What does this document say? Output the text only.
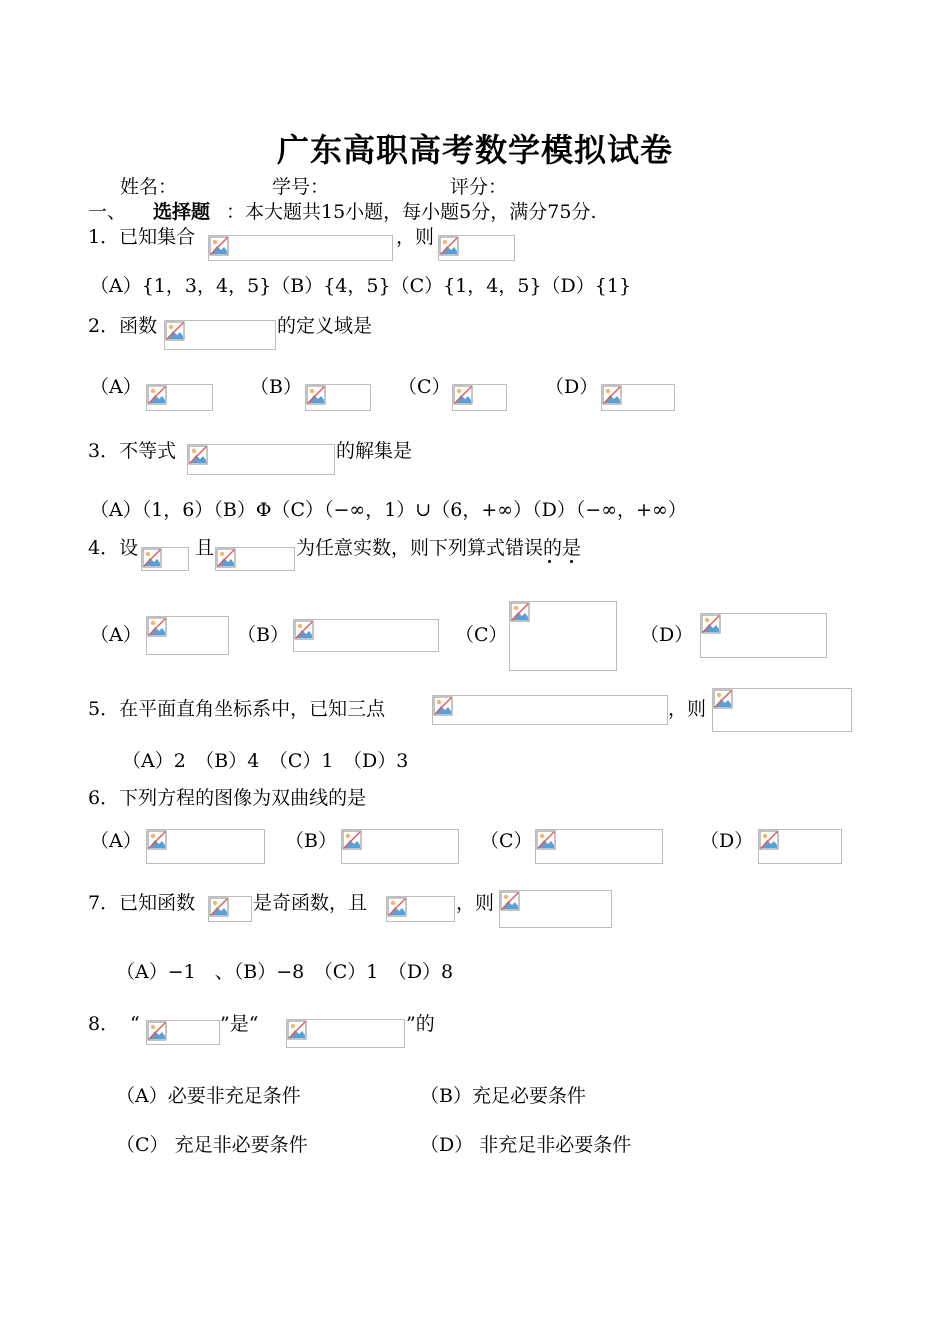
广东高职高考数学模拟试卷
姓名：	学号：	评分：
一、 选择题 ：本大题共15小题，每小题5分，满分75分.
1．已知集合	，则
（A）{1，3，4，5}（B）{4，5}（C）{1，4，5}（D）{1}
2．函数	的定义域是
（A）	（B）	（C）	（D）
3．不等式	的解集是
（A）（1，6）（B）Φ（C）（−∞，1）∪（6，+∞）（D）（−∞，+∞）
4．设	且	为任意实数，则下列算式错误的是
（A）	（B）	（C）	（D）
5．在平面直角坐标系中，已知三点	，则
（A）2　（B）4　（C）1　（D）3
6．下列方程的图像为双曲线的是
（A）	（B）	（C）	（D）
7．已知函数	是奇函数，且	，则
（A）−1　、（B）−8　（C）1　（D）8
8． “	”是“	”的
（A）必要非充足条件	（B）充足必要条件
（C） 充足非必要条件	（D） 非充足非必要条件
